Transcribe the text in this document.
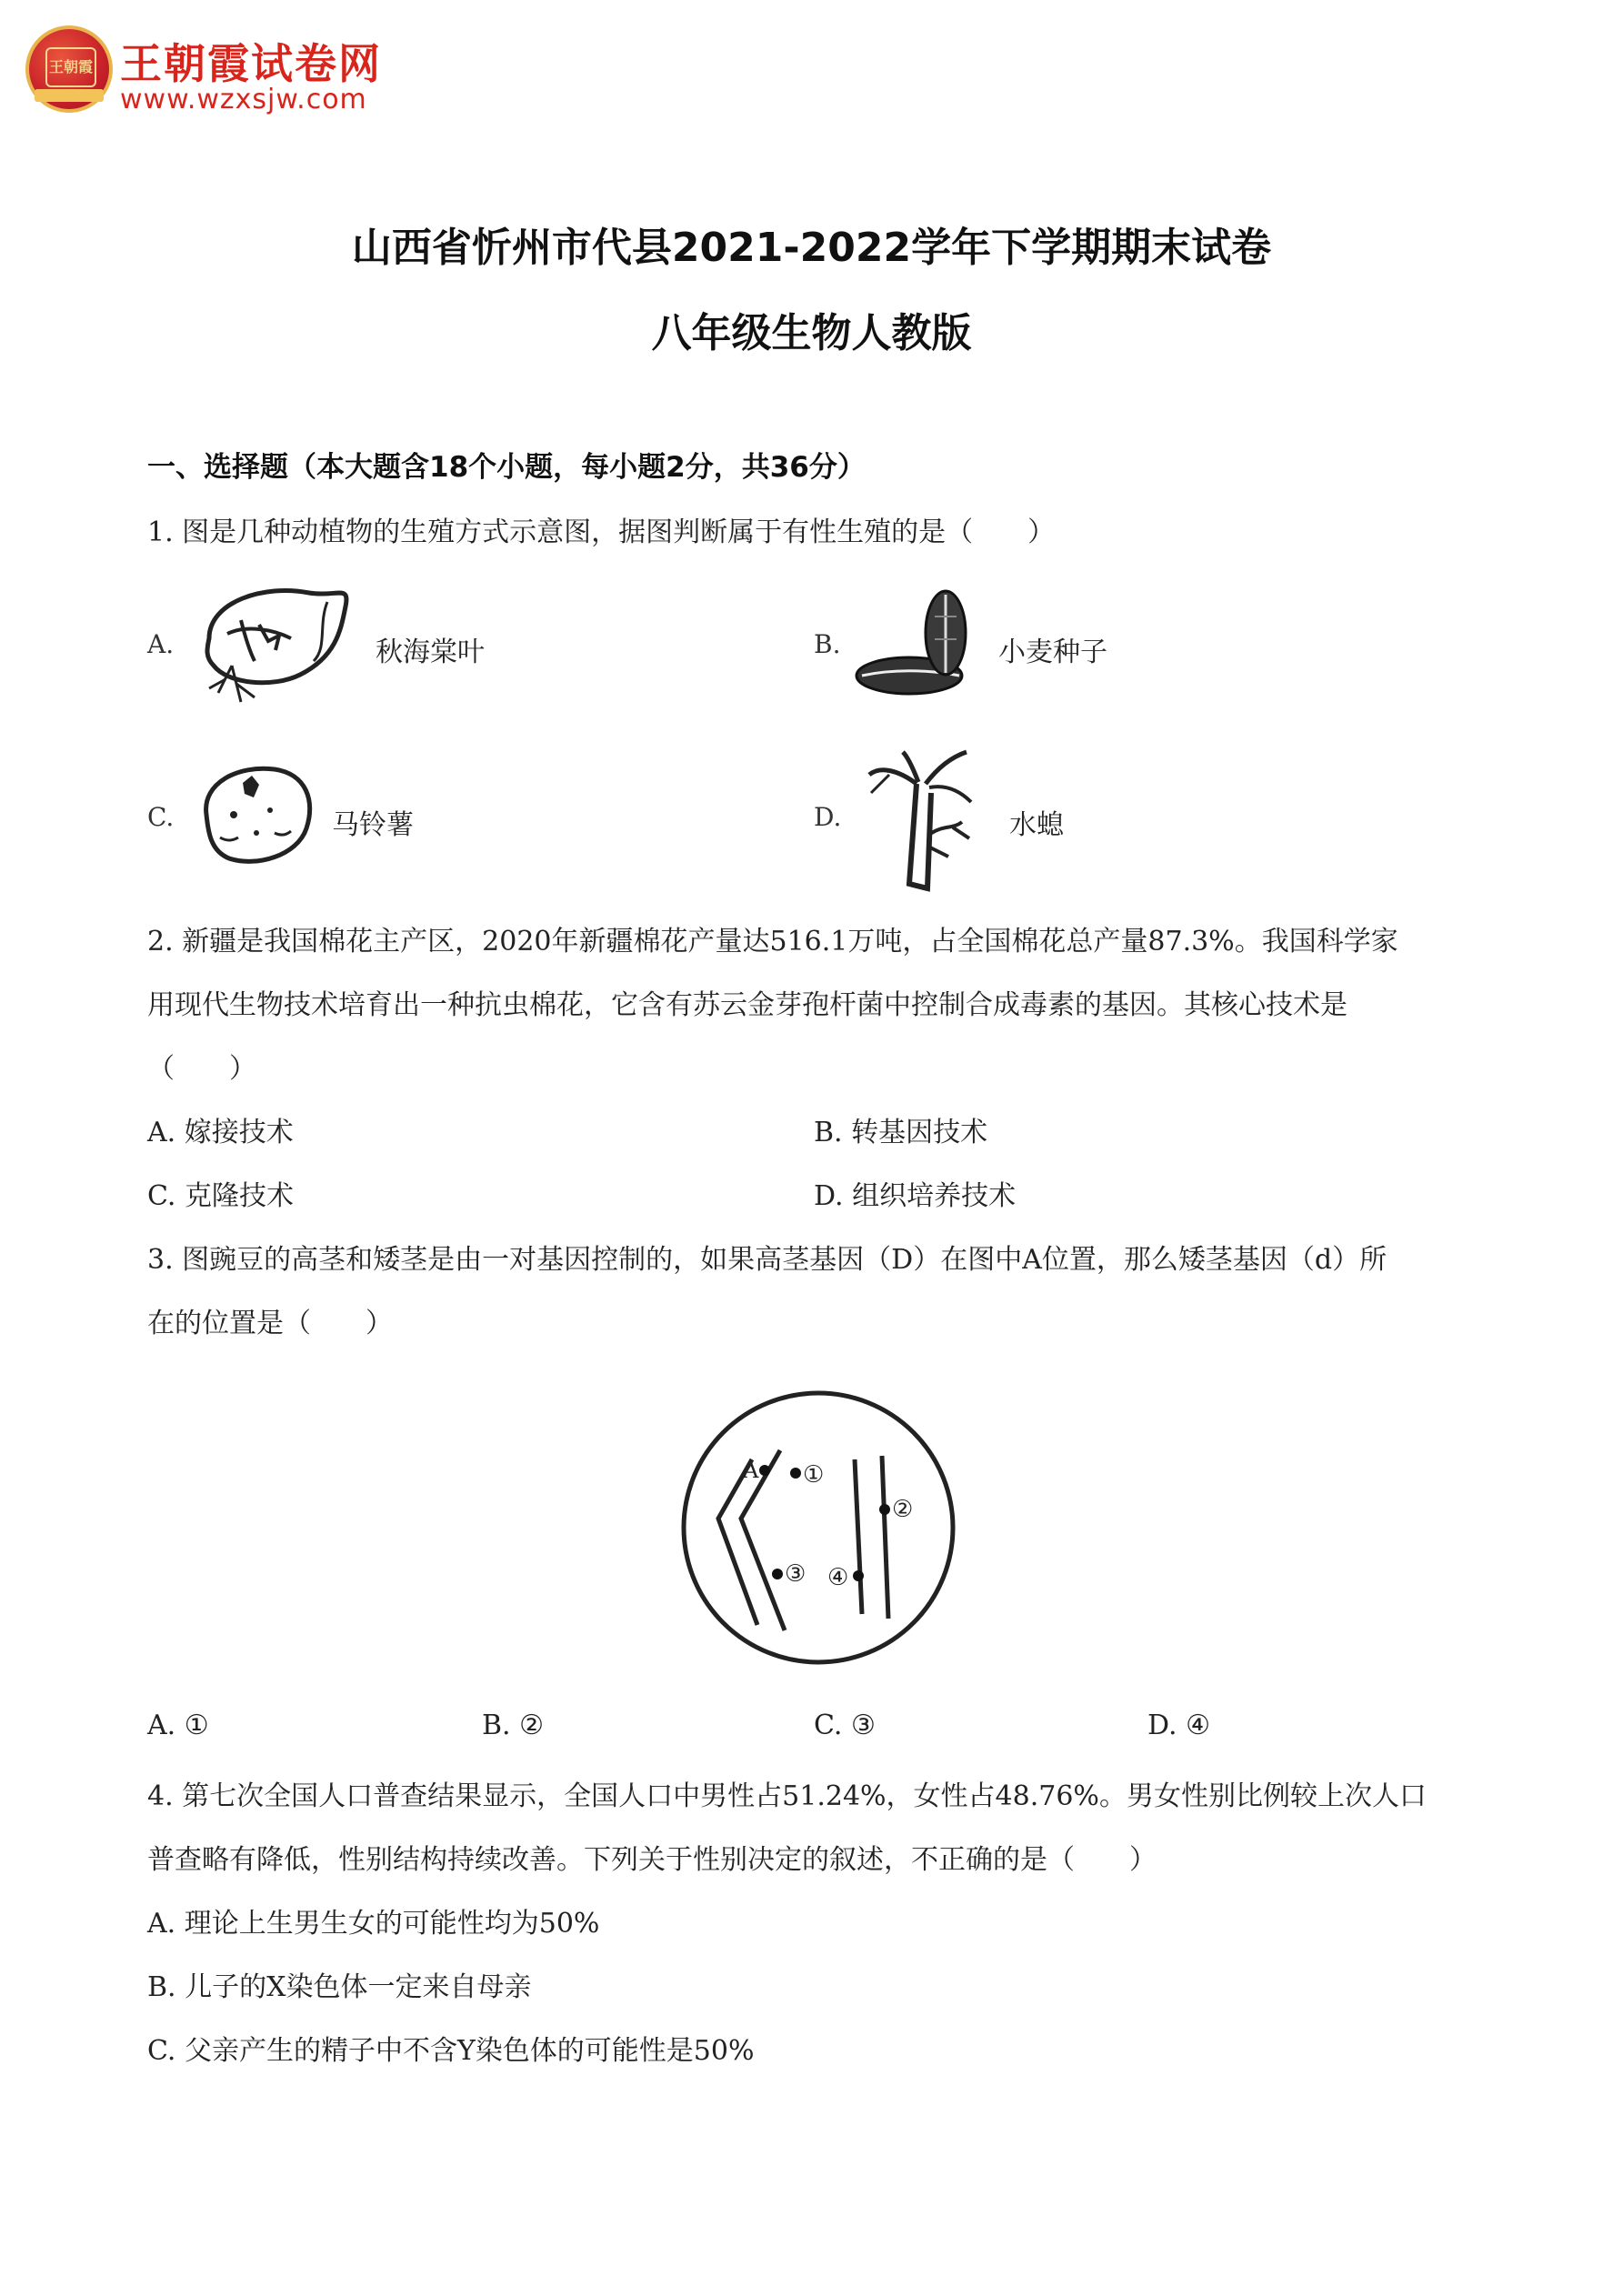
王朝霞 王朝霞试卷网
www.wzxsjw.com
山西省忻州市代县2021-2022学年下学期期末试卷
八年级生物人教版
一、选择题（本大题含18个小题，每小题2分，共36分）
1. 图是几种动植物的生殖方式示意图，据图判断属于有性生殖的是（　　）
A.	秋海棠叶	B.	小麦种子
C.	马铃薯	D.	水螅
2. 新疆是我国棉花主产区，2020年新疆棉花产量达516.1万吨，占全国棉花总产量87.3%。我国科学家
用现代生物技术培育出一种抗虫棉花，它含有苏云金芽孢杆菌中控制合成毒素的基因。其核心技术是
（　　）
A. 嫁接技术	B. 转基因技术
C. 克隆技术	D. 组织培养技术
3. 图豌豆的高茎和矮茎是由一对基因控制的，如果高茎基因（D）在图中A位置，那么矮茎基因（d）所
在的位置是（　　）
A ①
②
③ ④
A. ①	B. ②	C. ③	D. ④
4. 第七次全国人口普查结果显示，全国人口中男性占51.24%，女性占48.76%。男女性别比例较上次人口
普查略有降低，性别结构持续改善。下列关于性别决定的叙述，不正确的是（　　）
A. 理论上生男生女的可能性均为50%
B. 儿子的X染色体一定来自母亲
C. 父亲产生的精子中不含Y染色体的可能性是50%
